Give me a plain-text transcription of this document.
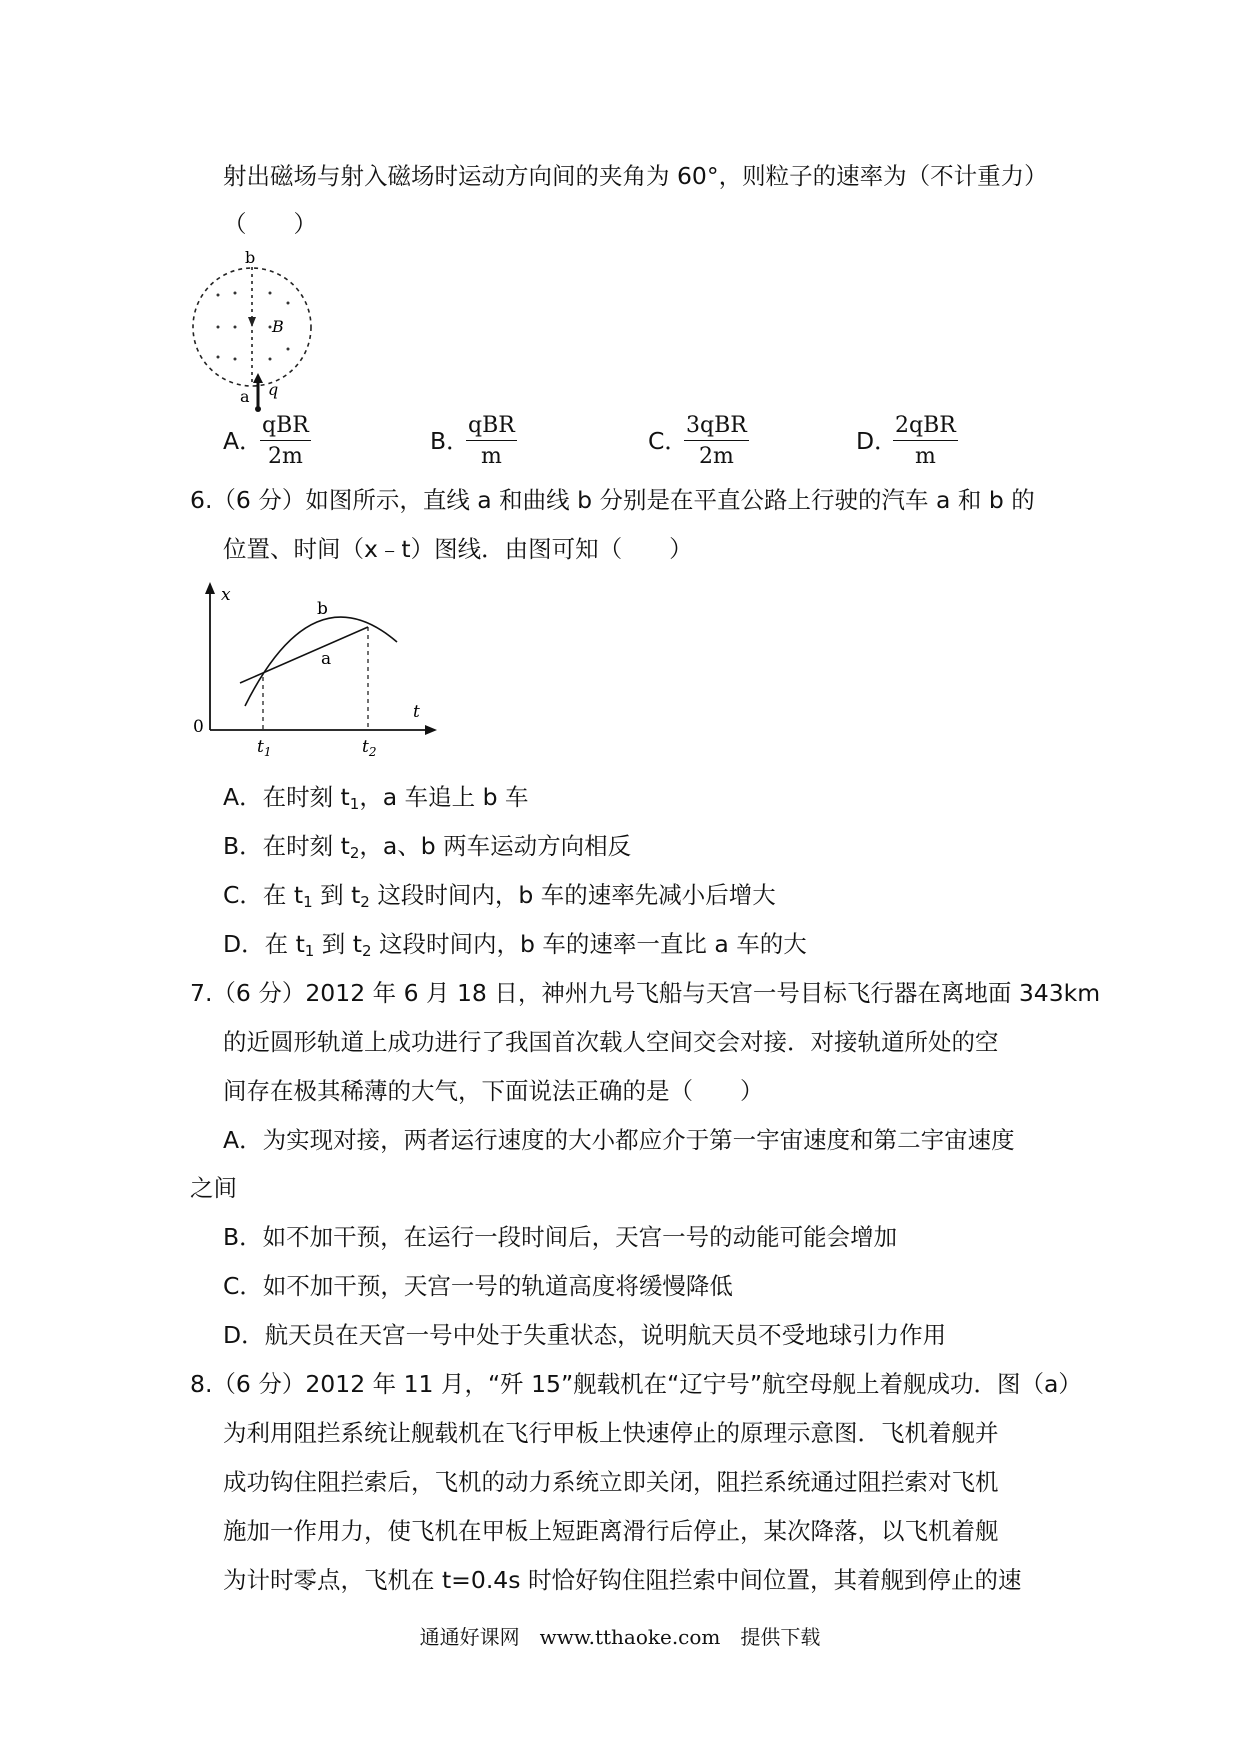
射出磁场与射入磁场时运动方向间的夹角为 60°，则粒子的速率为（不计重力）
（　　）
b
B
a q
A．
qBR
2m
B．
qBR
m
C．
3qBR
2m
D．
2qBR
m
6.（6 分）如图所示，直线 a 和曲线 b 分别是在平直公路上行驶的汽车 a 和 b 的
位置、时间（x﹣t）图线．由图可知（　　）
x
t
0
b
a
$t_1$	$t_2$
A．在时刻 $t_1$，a 车追上 b 车
B．在时刻 $t_2$，a、b 两车运动方向相反
C．在 $t_1$ 到 $t_2$ 这段时间内，b 车的速率先减小后增大
D．在 $t_1$ 到 $t_2$ 这段时间内，b 车的速率一直比 a 车的大
7.（6 分）2012 年 6 月 18 日，神州九号飞船与天宫一号目标飞行器在离地面 343km
的近圆形轨道上成功进行了我国首次载人空间交会对接．对接轨道所处的空
间存在极其稀薄的大气，下面说法正确的是（　　）
A．为实现对接，两者运行速度的大小都应介于第一宇宙速度和第二宇宙速度
之间
B．如不加干预，在运行一段时间后，天宫一号的动能可能会增加
C．如不加干预，天宫一号的轨道高度将缓慢降低
D．航天员在天宫一号中处于失重状态，说明航天员不受地球引力作用
8.（6 分）2012 年 11 月，“歼 15”舰载机在“辽宁号”航空母舰上着舰成功．图（a）
为利用阻拦系统让舰载机在飞行甲板上快速停止的原理示意图．飞机着舰并
成功钩住阻拦索后，飞机的动力系统立即关闭，阻拦系统通过阻拦索对飞机
施加一作用力，使飞机在甲板上短距离滑行后停止，某次降落，以飞机着舰
为计时零点，飞机在 t=0.4s 时恰好钩住阻拦索中间位置，其着舰到停止的速
通通好课网　www.tthaoke.com　提供下载
